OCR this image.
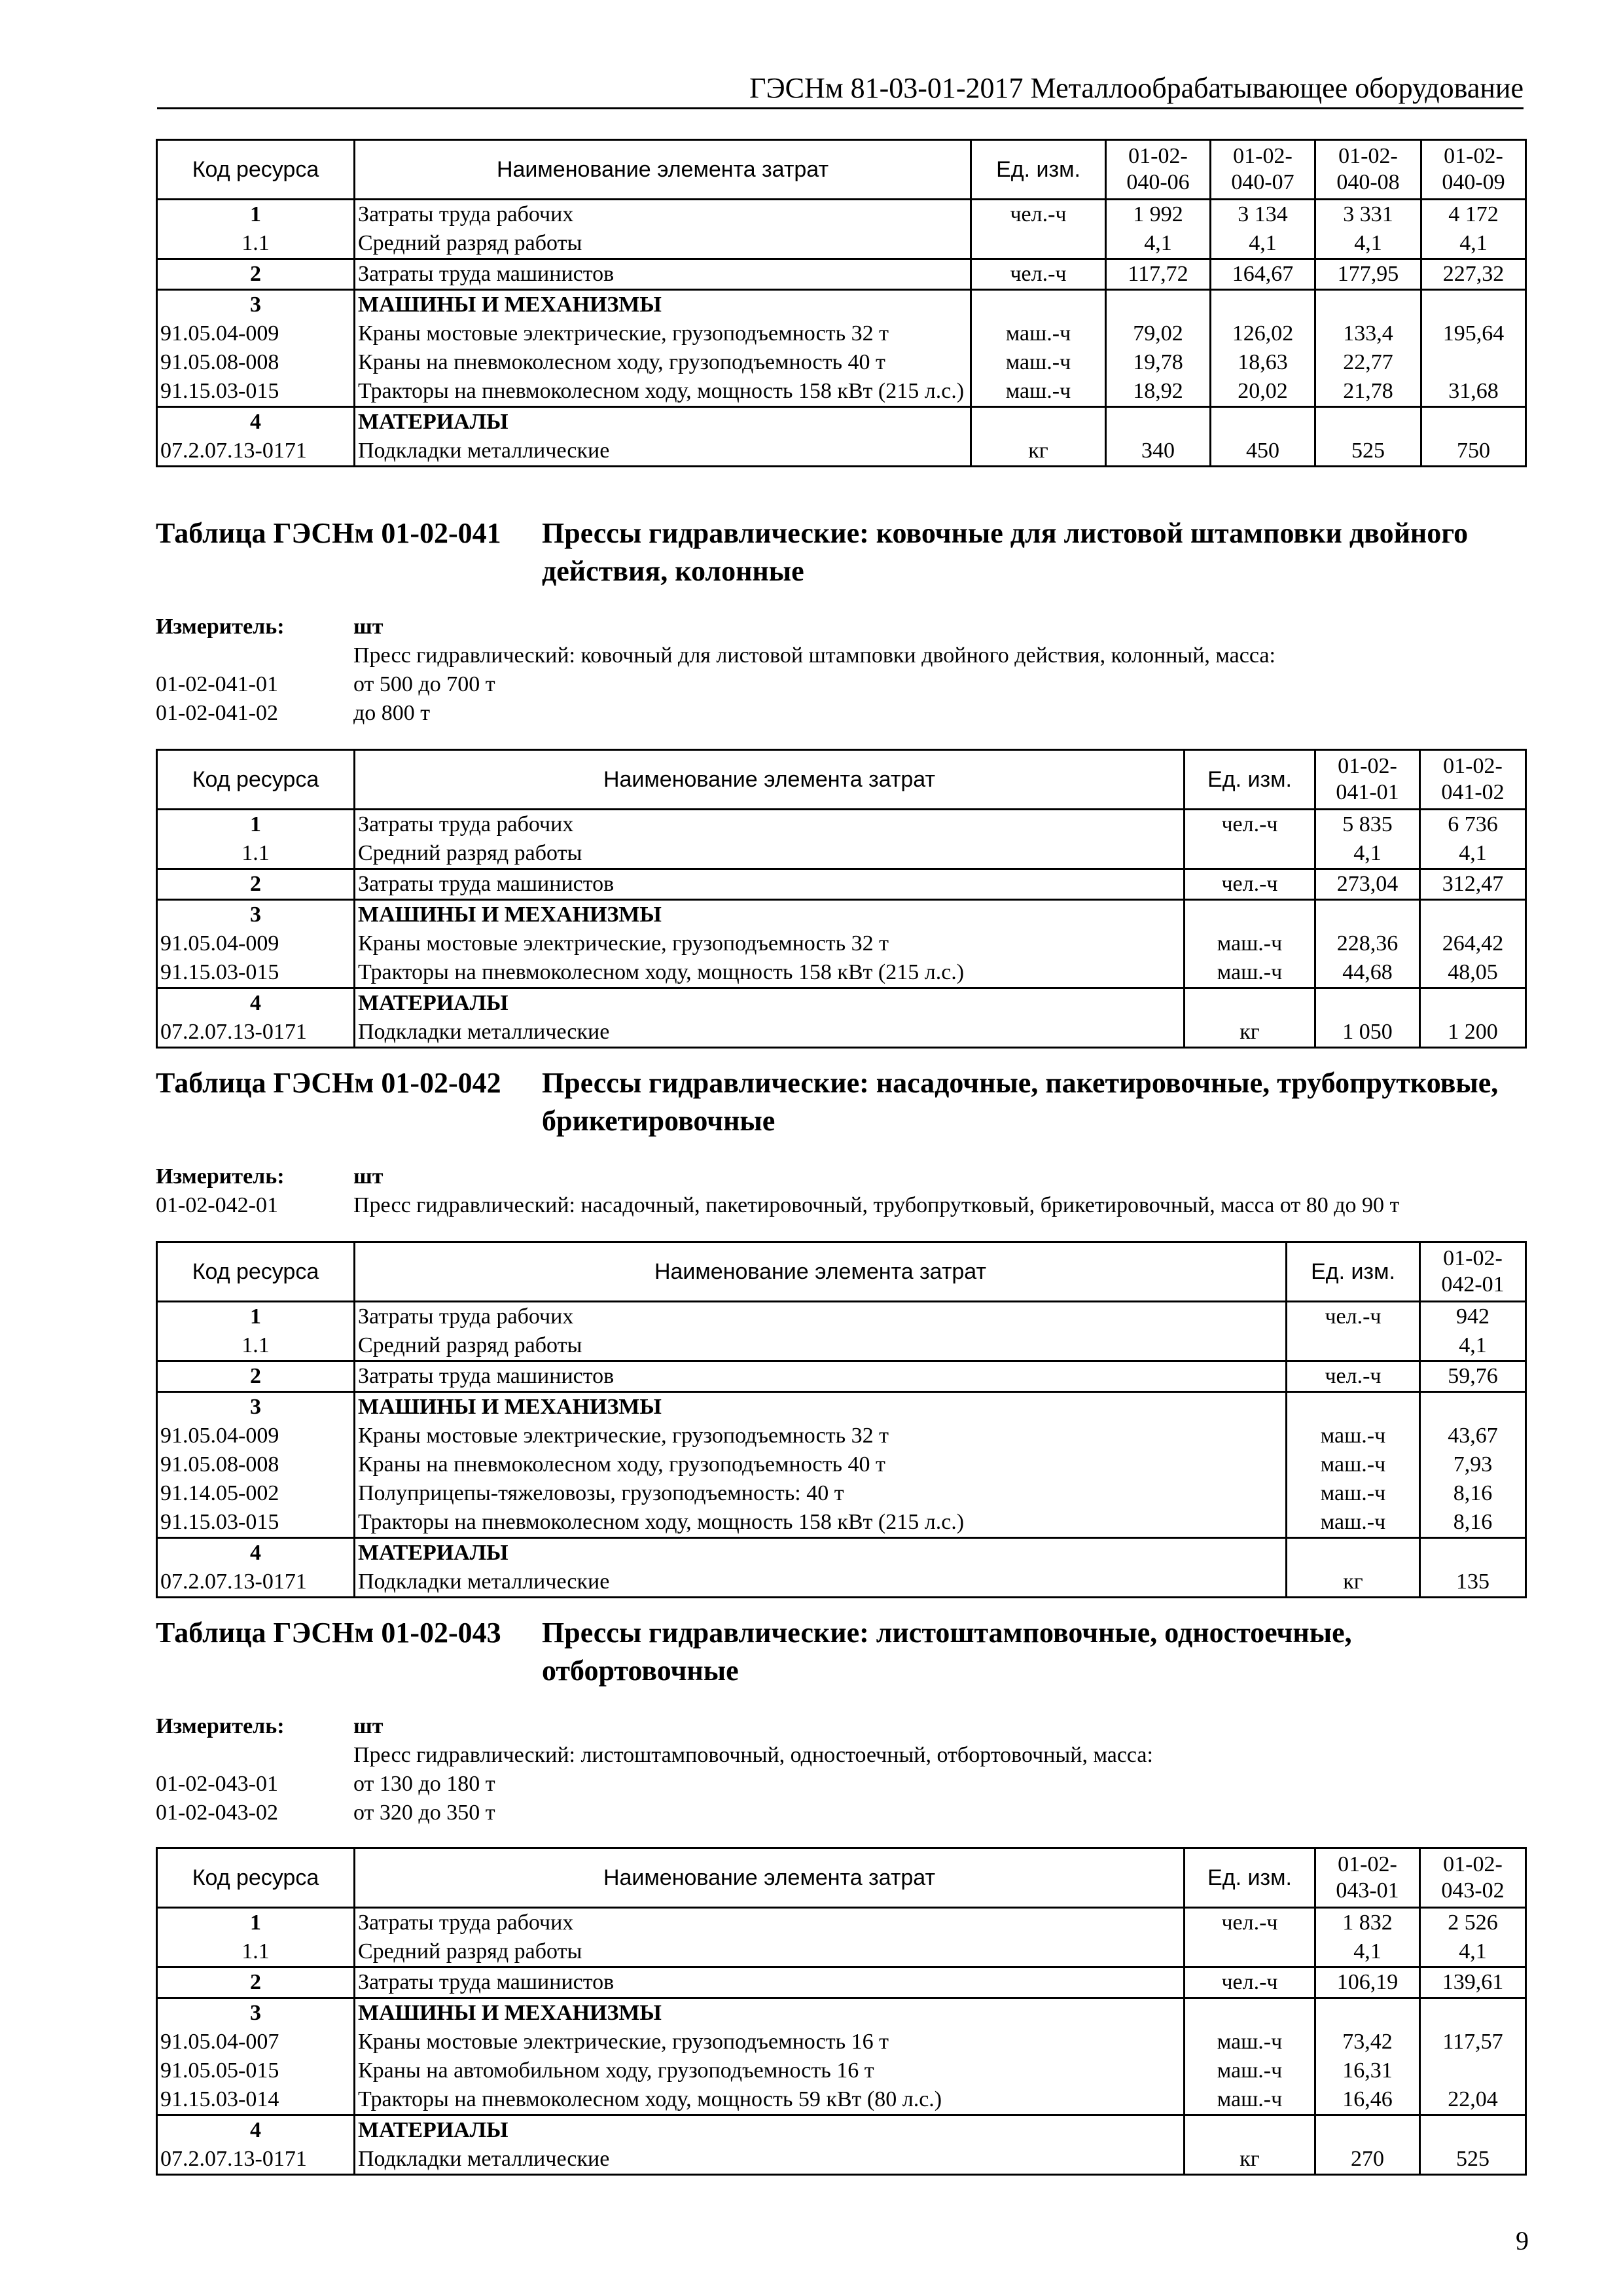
ГЭСНм 81-03-01-2017 Металлообрабатывающее оборудование
Код ресурса	Наименование элемента затрат	Ед. изм.	01-02-040-06	01-02-040-07	01-02-040-08	01-02-040-09
1	Затраты труда рабочих	чел.-ч	1 992	3 134	3 331	4 172
1.1	Средний разряд работы		4,1	4,1	4,1	4,1
2	Затраты труда машинистов	чел.-ч	117,72	164,67	177,95	227,32
3	МАШИНЫ И МЕХАНИЗМЫ					
91.05.04-009	Краны мостовые электрические, грузоподъемность 32 т	маш.-ч	79,02	126,02	133,4	195,64
91.05.08-008	Краны на пневмоколесном ходу, грузоподъемность 40 т	маш.-ч	19,78	18,63	22,77	
91.15.03-015	Тракторы на пневмоколесном ходу, мощность 158 кВт (215 л.с.)	маш.-ч	18,92	20,02	21,78	31,68
4	МАТЕРИАЛЫ					
07.2.07.13-0171	Подкладки металлические	кг	340	450	525	750
Таблица ГЭСНм 01-02-041 Прессы гидравлические: ковочные для листовой штамповки двойного действия, колонные
Измеритель:	шт
Пресс гидравлический: ковочный для листовой штамповки двойного действия, колонный, масса:
01-02-041-01	от 500 до 700 т
01-02-041-02	до 800 т
Код ресурса	Наименование элемента затрат	Ед. изм.	01-02-041-01	01-02-041-02
1	Затраты труда рабочих	чел.-ч	5 835	6 736
1.1	Средний разряд работы		4,1	4,1
2	Затраты труда машинистов	чел.-ч	273,04	312,47
3	МАШИНЫ И МЕХАНИЗМЫ			
91.05.04-009	Краны мостовые электрические, грузоподъемность 32 т	маш.-ч	228,36	264,42
91.15.03-015	Тракторы на пневмоколесном ходу, мощность 158 кВт (215 л.с.)	маш.-ч	44,68	48,05
4	МАТЕРИАЛЫ			
07.2.07.13-0171	Подкладки металлические	кг	1 050	1 200
Таблица ГЭСНм 01-02-042 Прессы гидравлические: насадочные, пакетировочные, трубопрутковые, брикетировочные
Измеритель:	шт
01-02-042-01	Пресс гидравлический: насадочный, пакетировочный, трубопрутковый, брикетировочный, масса от 80 до 90 т
Код ресурса	Наименование элемента затрат	Ед. изм.	01-02-042-01
1	Затраты труда рабочих	чел.-ч	942
1.1	Средний разряд работы		4,1
2	Затраты труда машинистов	чел.-ч	59,76
3	МАШИНЫ И МЕХАНИЗМЫ		
91.05.04-009	Краны мостовые электрические, грузоподъемность 32 т	маш.-ч	43,67
91.05.08-008	Краны на пневмоколесном ходу, грузоподъемность 40 т	маш.-ч	7,93
91.14.05-002	Полуприцепы-тяжеловозы, грузоподъемность: 40 т	маш.-ч	8,16
91.15.03-015	Тракторы на пневмоколесном ходу, мощность 158 кВт (215 л.с.)	маш.-ч	8,16
4	МАТЕРИАЛЫ		
07.2.07.13-0171	Подкладки металлические	кг	135
Таблица ГЭСНм 01-02-043 Прессы гидравлические: листоштамповочные, одностоечные, отбортовочные
Измеритель:	шт
Пресс гидравлический: листоштамповочный, одностоечный, отбортовочный, масса:
01-02-043-01	от 130 до 180 т
01-02-043-02	от 320 до 350 т
Код ресурса	Наименование элемента затрат	Ед. изм.	01-02-043-01	01-02-043-02
1	Затраты труда рабочих	чел.-ч	1 832	2 526
1.1	Средний разряд работы		4,1	4,1
2	Затраты труда машинистов	чел.-ч	106,19	139,61
3	МАШИНЫ И МЕХАНИЗМЫ			
91.05.04-007	Краны мостовые электрические, грузоподъемность 16 т	маш.-ч	73,42	117,57
91.05.05-015	Краны на автомобильном ходу, грузоподъемность 16 т	маш.-ч	16,31	
91.15.03-014	Тракторы на пневмоколесном ходу, мощность 59 кВт (80 л.с.)	маш.-ч	16,46	22,04
4	МАТЕРИАЛЫ			
07.2.07.13-0171	Подкладки металлические	кг	270	525
9
